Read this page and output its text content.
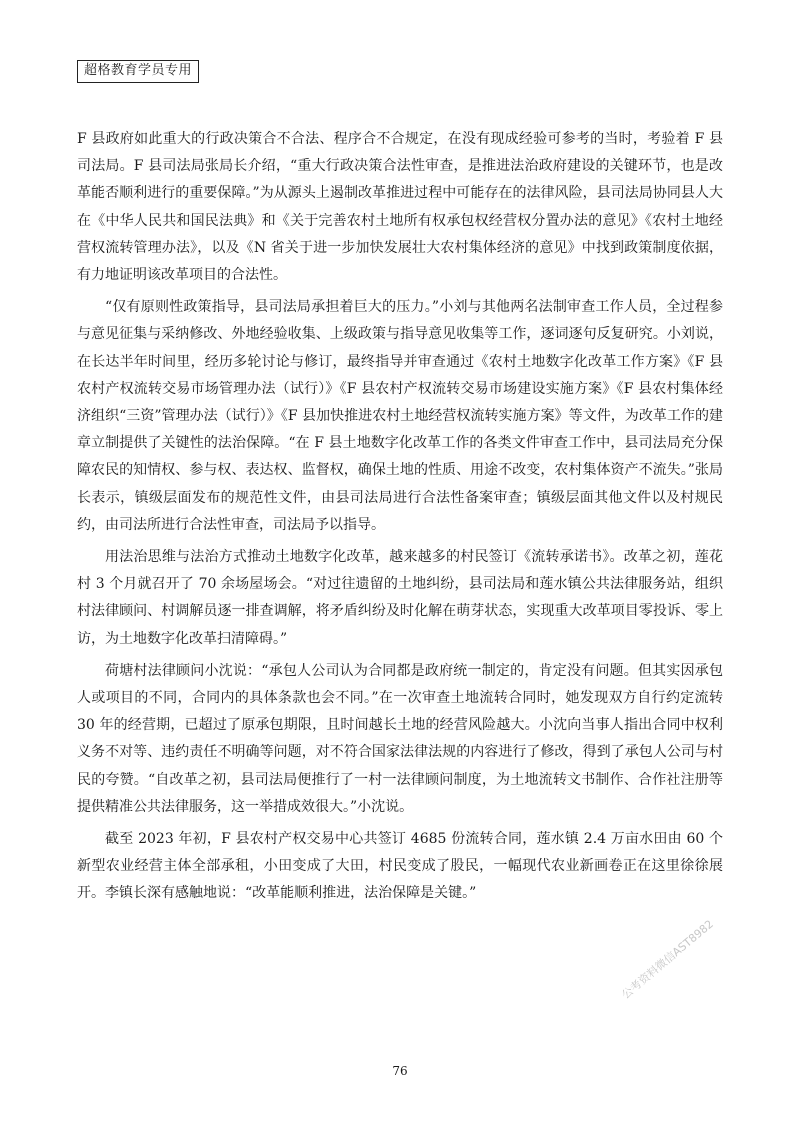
超格教育学员专用

F 县政府如此重大的行政决策合不合法、程序合不合规定，在没有现成经验可参考的当时，考验着 F 县司法局。F 县司法局张局长介绍，“重大行政决策合法性审查，是推进法治政府建设的关键环节，也是改革能否顺利进行的重要保障。”为从源头上遏制改革推进过程中可能存在的法律风险，县司法局协同县人大在《中华人民共和国民法典》和《关于完善农村土地所有权承包权经营权分置办法的意见》《农村土地经营权流转管理办法》，以及《N 省关于进一步加快发展壮大农村集体经济的意见》中找到政策制度依据，有力地证明该改革项目的合法性。

“仅有原则性政策指导，县司法局承担着巨大的压力。”小刘与其他两名法制审查工作人员，全过程参与意见征集与采纳修改、外地经验收集、上级政策与指导意见收集等工作，逐词逐句反复研究。小刘说，在长达半年时间里，经历多轮讨论与修订，最终指导并审查通过《农村土地数字化改革工作方案》《F 县农村产权流转交易市场管理办法（试行）》《F 县农村产权流转交易市场建设实施方案》《F 县农村集体经济组织“三资”管理办法（试行）》《F 县加快推进农村土地经营权流转实施方案》等文件，为改革工作的建章立制提供了关键性的法治保障。“在 F 县土地数字化改革工作的各类文件审查工作中，县司法局充分保障农民的知情权、参与权、表达权、监督权，确保土地的性质、用途不改变，农村集体资产不流失。”张局长表示，镇级层面发布的规范性文件，由县司法局进行合法性备案审查；镇级层面其他文件以及村规民约，由司法所进行合法性审查，司法局予以指导。

用法治思维与法治方式推动土地数字化改革，越来越多的村民签订《流转承诺书》。改革之初，莲花村 3 个月就召开了 70 余场屋场会。“对过往遗留的土地纠纷，县司法局和莲水镇公共法律服务站，组织村法律顾问、村调解员逐一排查调解，将矛盾纠纷及时化解在萌芽状态，实现重大改革项目零投诉、零上访，为土地数字化改革扫清障碍。”

荷塘村法律顾问小沈说：“承包人公司认为合同都是政府统一制定的，肯定没有问题。但其实因承包人或项目的不同，合同内的具体条款也会不同。”在一次审查土地流转合同时，她发现双方自行约定流转 30 年的经营期，已超过了原承包期限，且时间越长土地的经营风险越大。小沈向当事人指出合同中权利义务不对等、违约责任不明确等问题，对不符合国家法律法规的内容进行了修改，得到了承包人公司与村民的夸赞。“自改革之初，县司法局便推行了一村一法律顾问制度，为土地流转文书制作、合作社注册等提供精准公共法律服务，这一举措成效很大。”小沈说。

截至 2023 年初，F 县农村产权交易中心共签订 4685 份流转合同，莲水镇 2.4 万亩水田由 60 个新型农业经营主体全部承租，小田变成了大田，村民变成了股民，一幅现代农业新画卷正在这里徐徐展开。李镇长深有感触地说：“改革能顺利推进，法治保障是关键。”

公考资料微信AST8982
76
